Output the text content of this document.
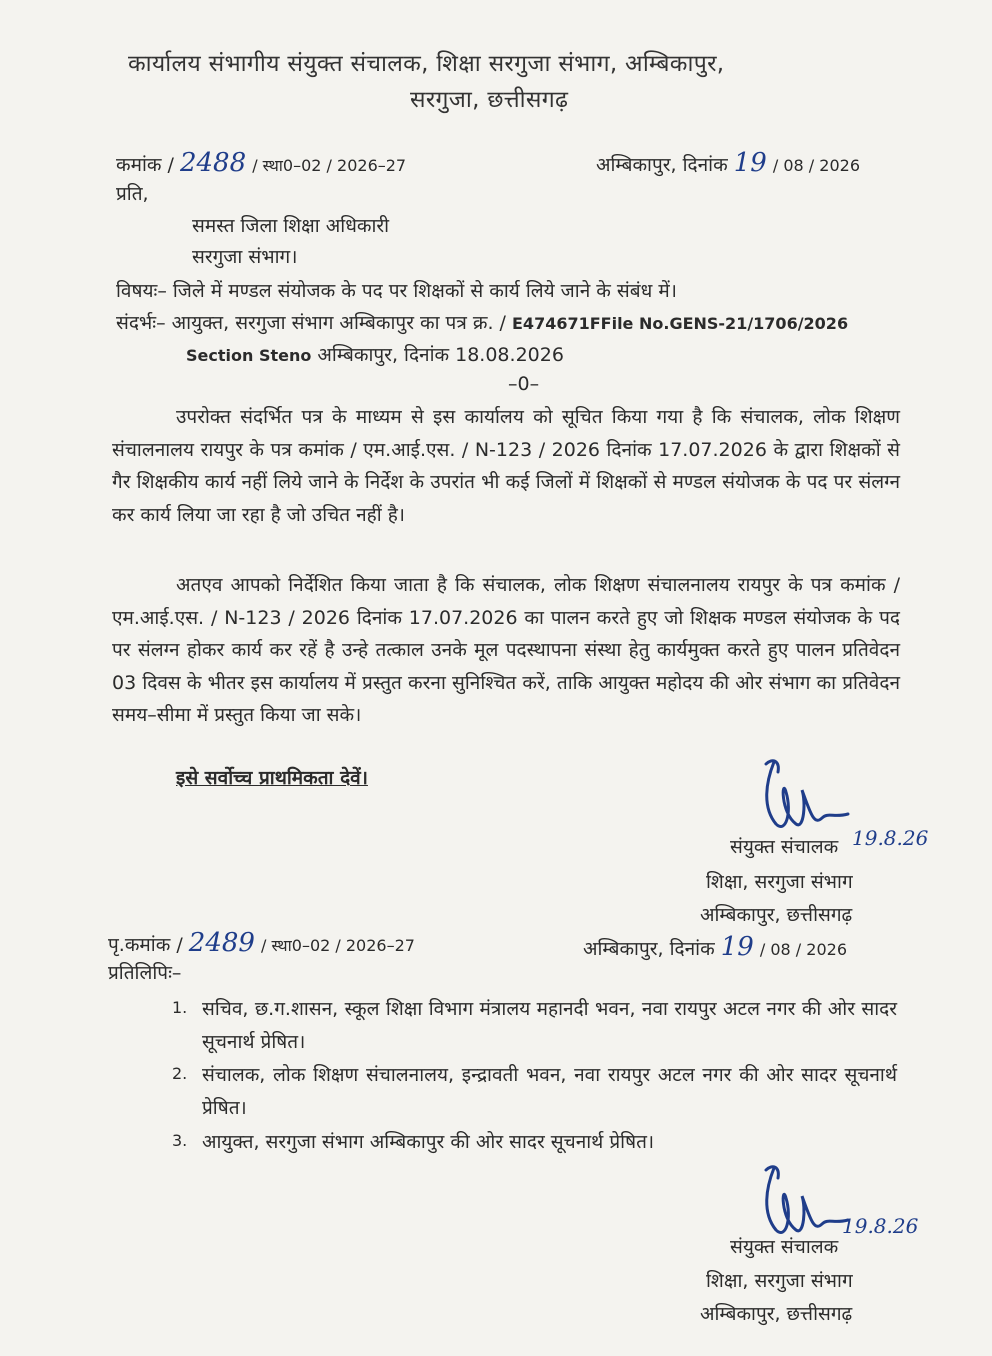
कार्यालय संभागीय संयुक्त संचालक, शिक्षा सरगुजा संभाग, अम्बिकापुर,
सरगुजा, छत्तीसगढ़
कमांक / 2488 / स्था0–02 / 2026–27	अम्बिकापुर, दिनांक 19 / 08 / 2026
प्रति,
समस्त जिला शिक्षा अधिकारी
सरगुजा संभाग।
विषयः– जिले में मण्डल संयोजक के पद पर शिक्षकों से कार्य लिये जाने के संबंध में।
संदर्भः– आयुक्त, सरगुजा संभाग अम्बिकापुर का पत्र क्र. / E474671FFile No.GENS-21/1706/2026
Section Steno अम्बिकापुर, दिनांक 18.08.2026
–0–
उपरोक्त संदर्भित पत्र के माध्यम से इस कार्यालय को सूचित किया गया है कि संचालक, लोक शिक्षण संचालनालय रायपुर के पत्र कमांक / एम.आई.एस. / N-123 / 2026 दिनांक 17.07.2026 के द्वारा शिक्षकों से गैर शिक्षकीय कार्य नहीं लिये जाने के निर्देश के उपरांत भी कई जिलों में शिक्षकों से मण्डल संयोजक के पद पर संलग्न कर कार्य लिया जा रहा है जो उचित नहीं है।
अतएव आपको निर्देशित किया जाता है कि संचालक, लोक शिक्षण संचालनालय रायपुर के पत्र कमांक / एम.आई.एस. / N-123 / 2026 दिनांक 17.07.2026 का पालन करते हुए जो शिक्षक मण्डल संयोजक के पद पर संलग्न होकर कार्य कर रहें है उन्हे तत्काल उनके मूल पदस्थापना संस्था हेतु कार्यमुक्त करते हुए पालन प्रतिवेदन 03 दिवस के भीतर इस कार्यालय में प्रस्तुत करना सुनिश्चित करें, ताकि आयुक्त महोदय की ओर संभाग का प्रतिवेदन समय–सीमा में प्रस्तुत किया जा सके।
इसे सर्वोच्च प्राथमिकता देवें।
19.8.26
संयुक्त संचालक
शिक्षा, सरगुजा संभाग
अम्बिकापुर, छत्तीसगढ़
पृ.कमांक / 2489 / स्था0–02 / 2026–27	अम्बिकापुर, दिनांक 19 / 08 / 2026
प्रतिलिपिः–
1. सचिव, छ.ग.शासन, स्कूल शिक्षा विभाग मंत्रालय महानदी भवन, नवा रायपुर अटल नगर की ओर सादर सूचनार्थ प्रेषित।
2. संचालक, लोक शिक्षण संचालनालय, इन्द्रावती भवन, नवा रायपुर अटल नगर की ओर सादर सूचनार्थ प्रेषित।
3. आयुक्त, सरगुजा संभाग अम्बिकापुर की ओर सादर सूचनार्थ प्रेषित।
19.8.26
संयुक्त संचालक
शिक्षा, सरगुजा संभाग
अम्बिकापुर, छत्तीसगढ़
